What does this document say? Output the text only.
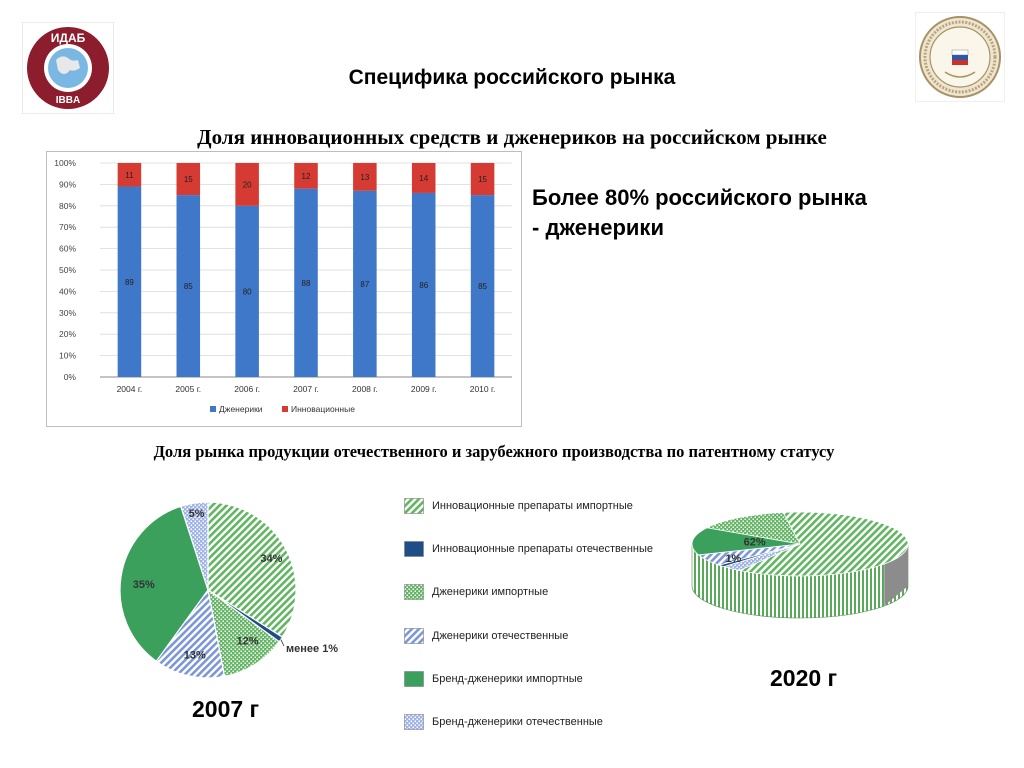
ИДАБ
IBBA
Специфика российского рынка
Доля инновационных средств и дженериков на российском рынке
0%
10%
20%
30%
40%
50%
60%
70%
80%
90%
100%
89
11
85
15
80
20
88
12
87
13
86
14
85
15
2004 г.	2005 г.	2006 г.	2007 г.	2008 г.	2009 г.	2010 г.
Дженерики	Инновационные
Более 80% российского рынка
- дженерики
Доля рынка продукции отечественного и зарубежного производства по патентному статусу
34%
менее 1%
12%
13%
35%
5%
2007 г
Инновационные препараты импортные
Инновационные препараты отечественные
Дженерики импортные
Дженерики отечественные
Бренд-дженерики импортные
Бренд-дженерики отечественные
62%
1%
2020 г
